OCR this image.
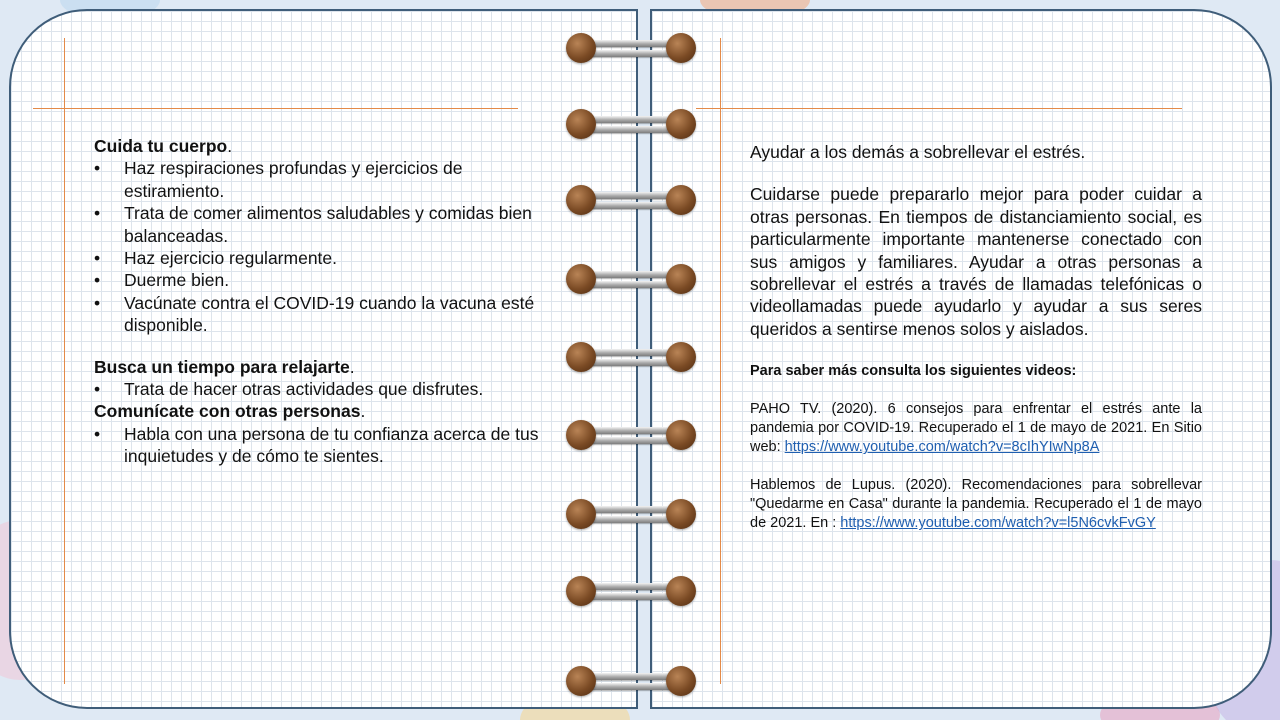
Cuida tu cuerpo.
•	Haz respiraciones profundas y ejercicios de estiramiento.
•	Trata de comer alimentos saludables y comidas bien balanceadas.
•	Haz ejercicio regularmente.
•	Duerme bien.
•	Vacúnate contra el COVID-19 cuando la vacuna esté disponible.
Busca un tiempo para relajarte.
•	Trata de hacer otras actividades que disfrutes.
Comunícate con otras personas.
•	Habla con una persona de tu confianza acerca de tus inquietudes y de cómo te sientes.
Ayudar a los demás a sobrellevar el estrés.
Cuidarse puede prepararlo mejor para poder cuidar a otras personas. En tiempos de distanciamiento social, es particularmente importante mantenerse conectado con sus amigos y familiares. Ayudar a otras personas a sobrellevar el estrés a través de llamadas telefónicas o videollamadas puede ayudarlo y ayudar a sus seres queridos a sentirse menos solos y aislados.
Para saber más consulta los siguientes videos:
PAHO TV. (2020). 6 consejos para enfrentar el estrés ante la pandemia por COVID-19. Recuperado el 1 de mayo de 2021. En Sitio web: https://www.youtube.com/watch?v=8cIhYIwNp8A
Hablemos de Lupus. (2020). Recomendaciones para sobrellevar "Quedarme en Casa" durante la pandemia. Recuperado el 1 de mayo de 2021. En : https://www.youtube.com/watch?v=l5N6cvkFvGY
